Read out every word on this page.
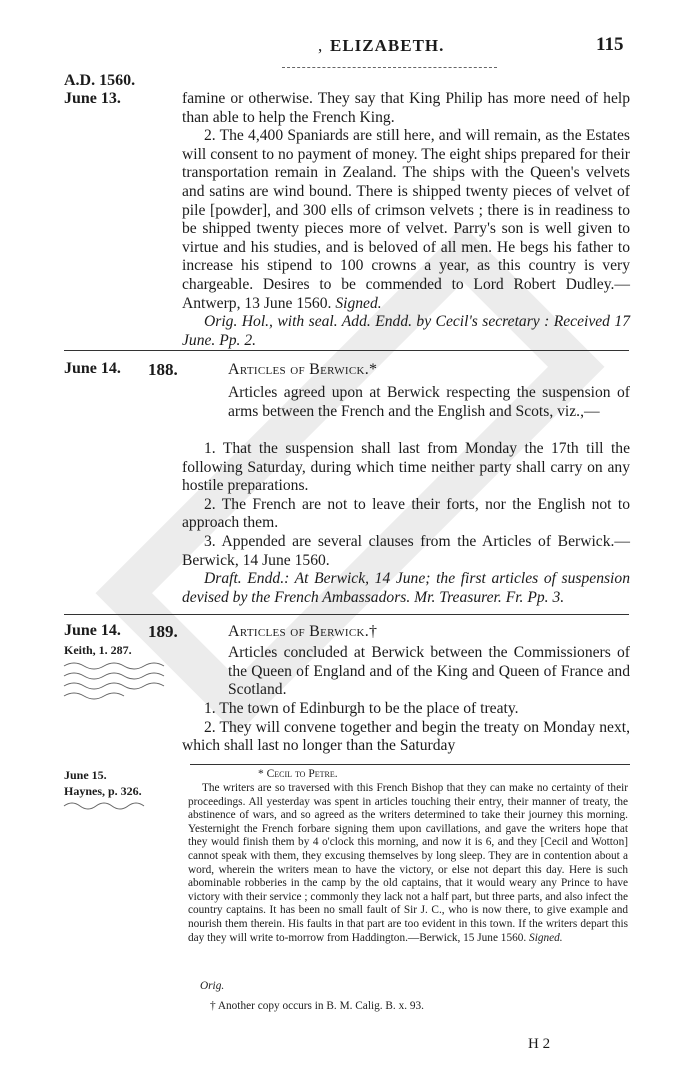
, ELIZABETH.	115
A.D. 1560.
June 13.	famine or otherwise. They say that King Philip has more need of help than able to help the French King.

2. The 4,400 Spaniards are still here, and will remain, as the Estates will consent to no payment of money. The eight ships prepared for their transportation remain in Zealand. The ships with the Queen's velvets and satins are wind bound. There is shipped twenty pieces of velvet of pile [powder], and 300 ells of crimson velvets ; there is in readiness to be shipped twenty pieces more of velvet. Parry's son is well given to virtue and his studies, and is beloved of all men. He begs his father to increase his stipend to 100 crowns a year, as this country is very chargeable. Desires to be commended to Lord Robert Dudley.—Antwerp, 13 June 1560. Signed.

Orig. Hol., with seal. Add. Endd. by Cecil's secretary : Received 17 June. Pp. 2.

June 14. 188.	Articles of Berwick.*

Articles agreed upon at Berwick respecting the suspension of arms between the French and the English and Scots, viz.,—

1. That the suspension shall last from Monday the 17th till the following Saturday, during which time neither party shall carry on any hostile preparations.

2. The French are not to leave their forts, nor the English not to approach them.

3. Appended are several clauses from the Articles of Berwick.—Berwick, 14 June 1560.

Draft. Endd.: At Berwick, 14 June; the first articles of suspension devised by the French Ambassadors. Mr. Treasurer. Fr. Pp. 3.

June 14.
Keith, 1. 287.
189.	Articles of Berwick.†

Articles concluded at Berwick between the Commissioners of the Queen of England and of the King and Queen of France and Scotland.

1. The town of Edinburgh to be the place of treaty.

2. They will convene together and begin the treaty on Monday next, which shall last no longer than the Saturday

June 15.
Haynes, p. 326.
* Cecil to Petre.
The writers are so traversed with this French Bishop that they can make no certainty of their proceedings. All yesterday was spent in articles touching their entry, their manner of treaty, the abstinence of wars, and so agreed as the writers determined to take their journey this morning. Yesternight the French forbare signing them upon cavillations, and gave the writers hope that they would finish them by 4 o'clock this morning, and now it is 6, and they [Cecil and Wotton] cannot speak with them, they excusing themselves by long sleep. They are in contention about a word, wherein the writers mean to have the victory, or else not depart this day. Here is such abominable robberies in the camp by the old captains, that it would weary any Prince to have victory with their service ; commonly they lack not a half part, but three parts, and also infect the country captains. It has been no small fault of Sir J. C., who is now there, to give example and nourish them therein. His faults in that part are too evident in this town. If the writers depart this day they will write to-morrow from Haddington.—Berwick, 15 June 1560. Signed.
Orig.
† Another copy occurs in B. M. Calig. B. x. 93.
H 2
